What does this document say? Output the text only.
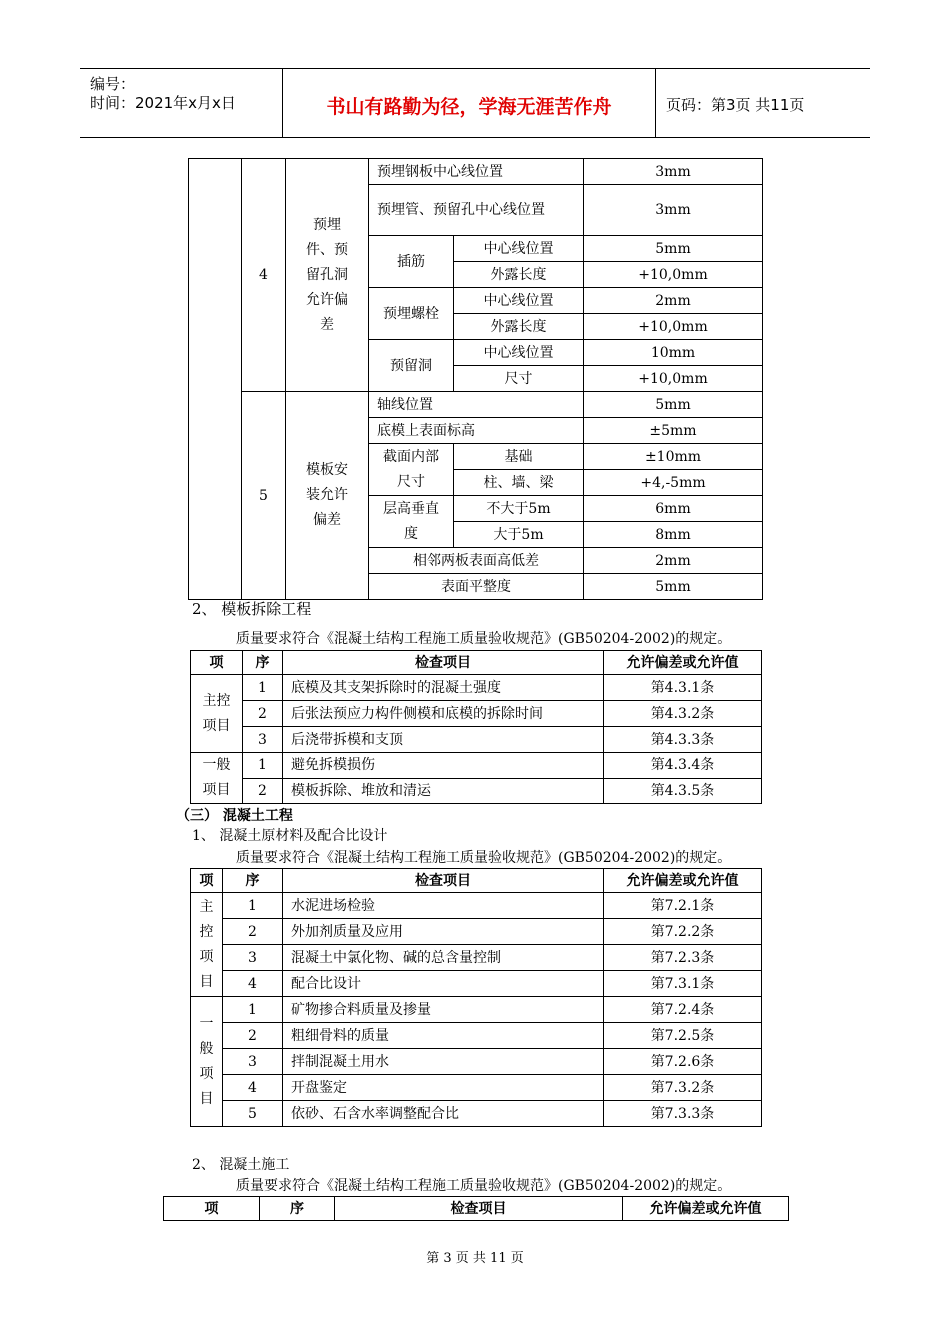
编号：
时间：2021年x月x日	书山有路勤为径，学海无涯苦作舟	页码：第3页 共11页
	4	预埋件、预留孔洞允许偏差	预埋钢板中心线位置		3mm
			预埋管、预留孔中心线位置		3mm
			插筋	中心线位置	5mm
				外露长度	+10,0mm
			预埋螺栓	中心线位置	2mm
				外露长度	+10,0mm
			预留洞	中心线位置	10mm
				尺寸	+10,0mm
	5	模板安装允许偏差	轴线位置		5mm
			底模上表面标高		±5mm
			截面内部尺寸	基础	±10mm
				柱、墙、梁	+4,-5mm
			层高垂直度	不大于5m	6mm
				大于5m	8mm
			相邻两板表面高低差		2mm
			表面平整度		5mm
2、 模板拆除工程
质量要求符合《混凝土结构工程施工质量验收规范》(GB50204-2002)的规定。
项	序	检查项目	允许偏差或允许值
主控项目	1	底模及其支架拆除时的混凝土强度	第4.3.1条
	2	后张法预应力构件侧模和底模的拆除时间	第4.3.2条
	3	后浇带拆模和支顶	第4.3.3条
一般项目	1	避免拆模损伤	第4.3.4条
	2	模板拆除、堆放和清运	第4.3.5条
（三） 混凝土工程
1、 混凝土原材料及配合比设计
质量要求符合《混凝土结构工程施工质量验收规范》(GB50204-2002)的规定。
项	序	检查项目	允许偏差或允许值
主控项目	1	水泥进场检验	第7.2.1条
	2	外加剂质量及应用	第7.2.2条
	3	混凝土中氯化物、碱的总含量控制	第7.2.3条
	4	配合比设计	第7.3.1条
一般项目	1	矿物掺合料质量及掺量	第7.2.4条
	2	粗细骨料的质量	第7.2.5条
	3	拌制混凝土用水	第7.2.6条
	4	开盘鉴定	第7.3.2条
	5	依砂、石含水率调整配合比	第7.3.3条
2、 混凝土施工
质量要求符合《混凝土结构工程施工质量验收规范》(GB50204-2002)的规定。
项	序	检查项目	允许偏差或允许值
第 3 页 共 11 页
